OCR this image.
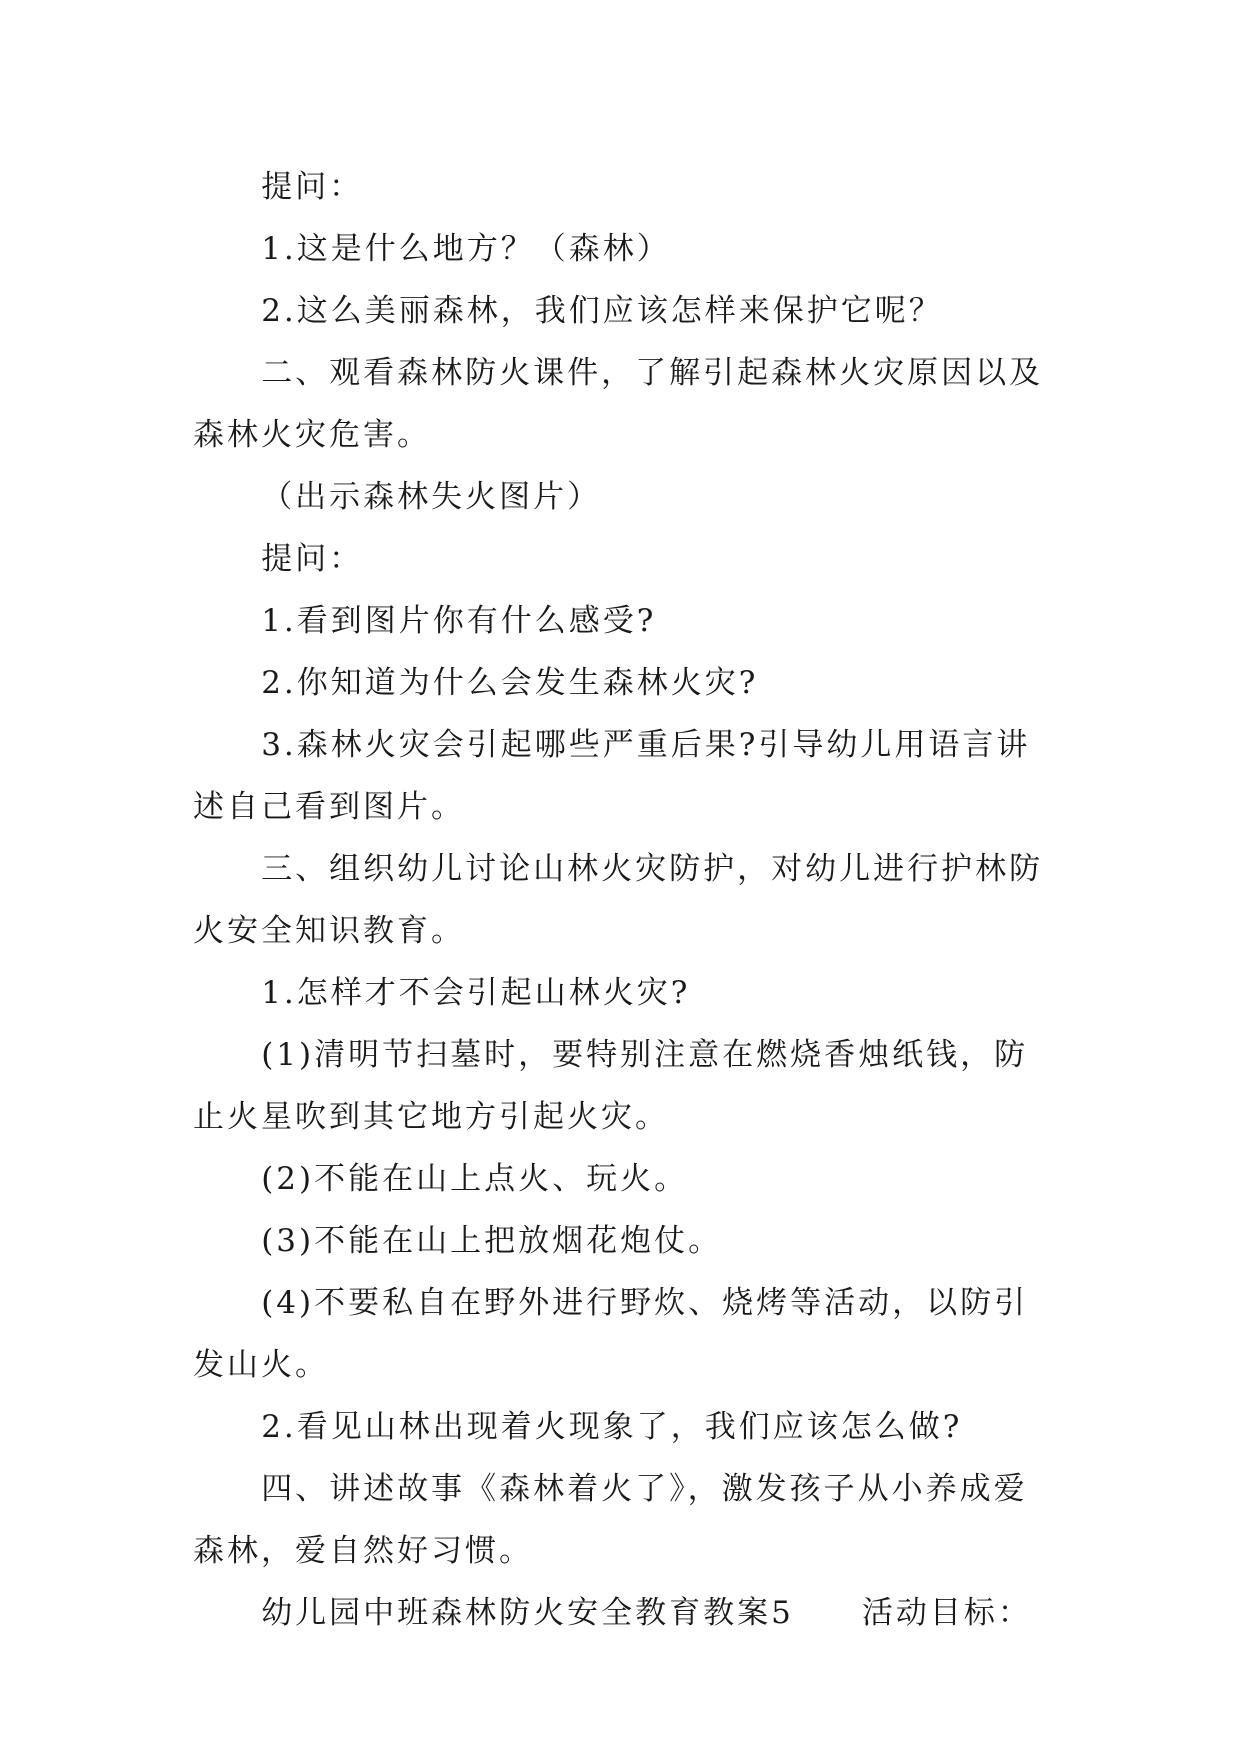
提问：

1.这是什么地方？（森林）

2.这么美丽森林，我们应该怎样来保护它呢？

二、观看森林防火课件，了解引起森林火灾原因以及森林火灾危害。

（出示森林失火图片）

提问：

1.看到图片你有什么感受?

2.你知道为什么会发生森林火灾?

3.森林火灾会引起哪些严重后果?引导幼儿用语言讲述自己看到图片。

三、组织幼儿讨论山林火灾防护，对幼儿进行护林防火安全知识教育。

1.怎样才不会引起山林火灾?

(1)清明节扫墓时，要特别注意在燃烧香烛纸钱，防止火星吹到其它地方引起火灾。

(2)不能在山上点火、玩火。

(3)不能在山上把放烟花炮仗。

(4)不要私自在野外进行野炊、烧烤等活动，以防引发山火。

2.看见山林出现着火现象了，我们应该怎么做?

四、讲述故事《森林着火了》，激发孩子从小养成爱森林，爱自然好习惯。

幼儿园中班森林防火安全教育教案5　　活动目标：
